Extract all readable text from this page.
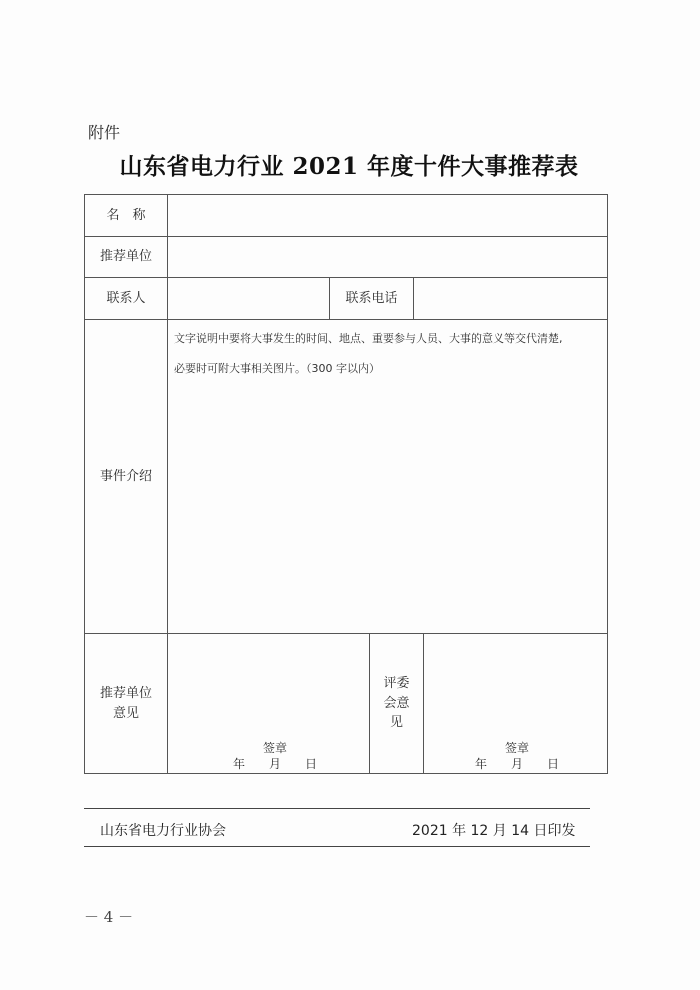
附件
山东省电力行业 2021 年度十件大事推荐表
名　称
推荐单位
联系人	联系电话
事件介绍
文字说明中要将大事发生的时间、地点、重要参与人员、大事的意义等交代清楚,
必要时可附大事相关图片。（300 字以内）
推荐单位
意见
签章
年　　月　　日
评委
会意
见
签章
年　　月　　日
山东省电力行业协会	2021 年 12 月 14 日印发
－ 4 －
